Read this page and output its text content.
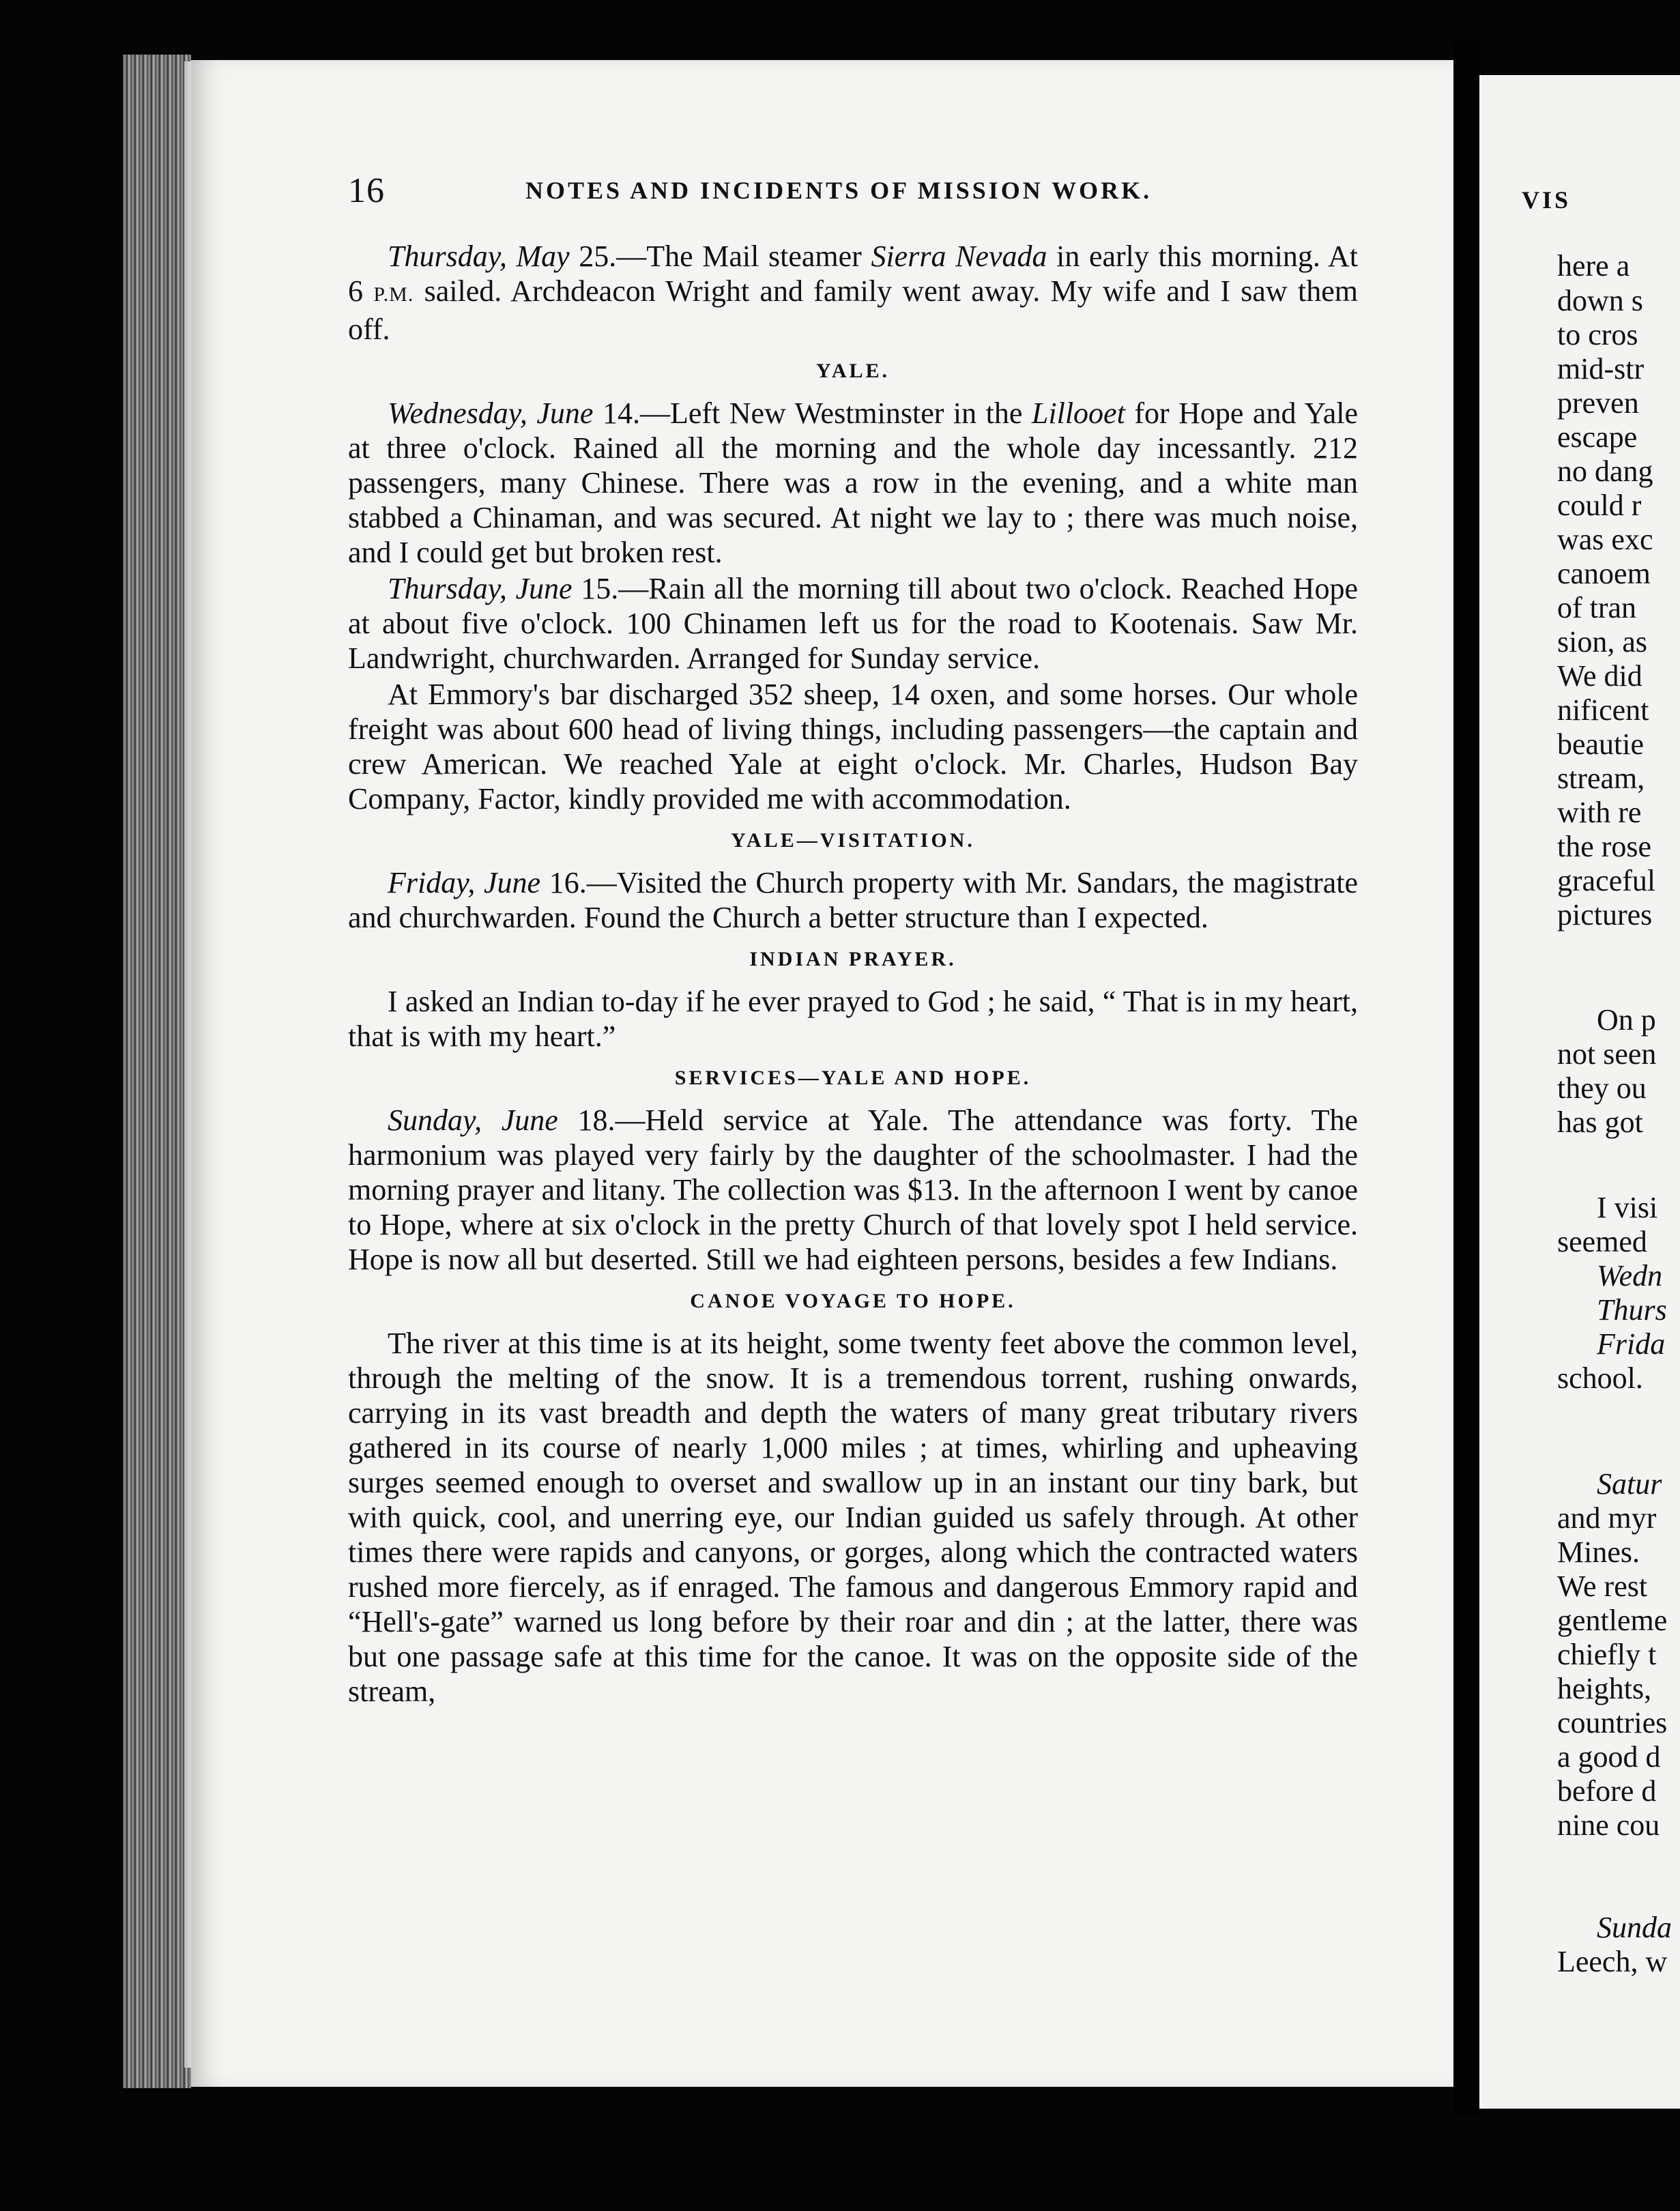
16	NOTES AND INCIDENTS OF MISSION WORK.

Thursday, May 25.—The Mail steamer Sierra Nevada in early this morning. At 6 P.M. sailed. Archdeacon Wright and family went away. My wife and I saw them off.

YALE.

Wednesday, June 14.—Left New Westminster in the Lillooet for Hope and Yale at three o'clock. Rained all the morning and the whole day incessantly. 212 passengers, many Chinese. There was a row in the evening, and a white man stabbed a Chinaman, and was secured. At night we lay to ; there was much noise, and I could get but broken rest.

Thursday, June 15.—Rain all the morning till about two o'clock. Reached Hope at about five o'clock. 100 Chinamen left us for the road to Kootenais. Saw Mr. Landwright, churchwarden. Arranged for Sunday service.

At Emmory's bar discharged 352 sheep, 14 oxen, and some horses. Our whole freight was about 600 head of living things, including passengers—the captain and crew American. We reached Yale at eight o'clock. Mr. Charles, Hudson Bay Company, Factor, kindly provided me with accommodation.

YALE—VISITATION.

Friday, June 16.—Visited the Church property with Mr. Sandars, the magistrate and churchwarden. Found the Church a better structure than I expected.

INDIAN PRAYER.

I asked an Indian to-day if he ever prayed to God ; he said, “ That is in my heart, that is with my heart.”

SERVICES—YALE AND HOPE.

Sunday, June 18.—Held service at Yale. The attendance was forty. The harmonium was played very fairly by the daughter of the schoolmaster. I had the morning prayer and litany. The collection was $13. In the afternoon I went by canoe to Hope, where at six o'clock in the pretty Church of that lovely spot I held service. Hope is now all but deserted. Still we had eighteen persons, besides a few Indians.

CANOE VOYAGE TO HOPE.

The river at this time is at its height, some twenty feet above the common level, through the melting of the snow. It is a tremendous torrent, rushing onwards, carrying in its vast breadth and depth the waters of many great tributary rivers gathered in its course of nearly 1,000 miles ; at times, whirling and upheaving surges seemed enough to overset and swallow up in an instant our tiny bark, but with quick, cool, and unerring eye, our Indian guided us safely through. At other times there were rapids and canyons, or gorges, along which the contracted waters rushed more fiercely, as if enraged. The famous and dangerous Emmory rapid and “Hell's-gate” warned us long before by their roar and din ; at the latter, there was but one passage safe at this time for the canoe. It was on the opposite side of the stream,

VIS
here a
down s
to cros
mid-str
preven
escape
no dang
could r
was exc
canoem
of tran
sion, as
We did
nificent
beautie
stream,
with re
the rose
graceful
pictures
On p
not seen
they ou
has got
I visi
seemed
Wedn
Thurs
Frida
school.
Satur
and myr
Mines.
We rest
gentleme
chiefly t
heights,
countries
a good d
before d
nine cou
Sunda
Leech, w
